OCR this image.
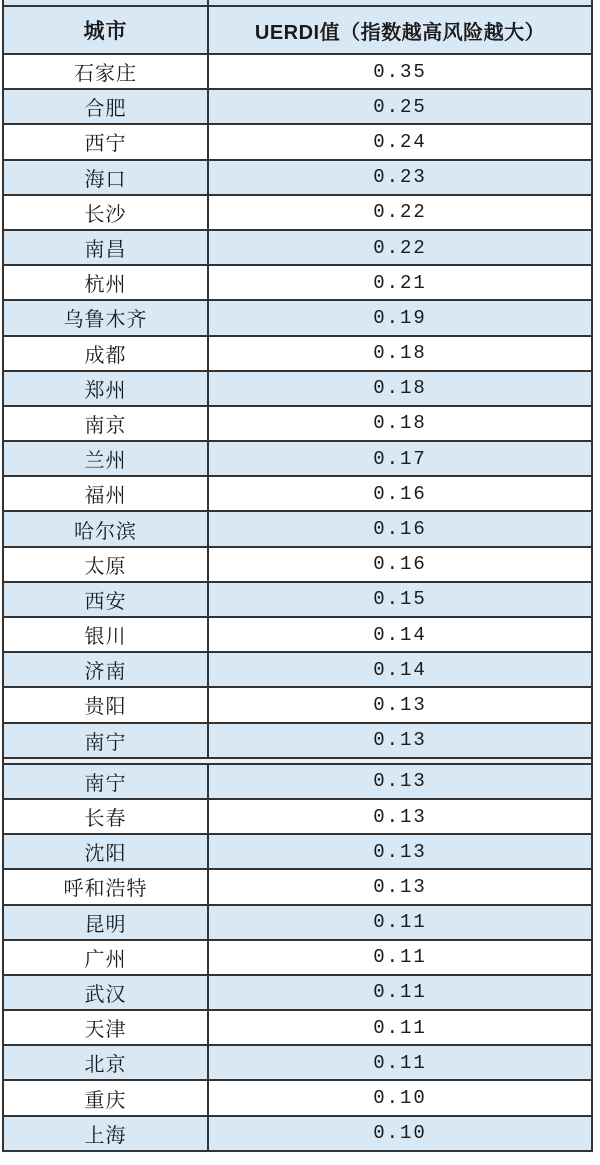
城市	UERDI值（指数越高风险越大）
石家庄	0.35
合肥	0.25
西宁	0.24
海口	0.23
长沙	0.22
南昌	0.22
杭州	0.21
乌鲁木齐	0.19
成都	0.18
郑州	0.18
南京	0.18
兰州	0.17
福州	0.16
哈尔滨	0.16
太原	0.16
西安	0.15
银川	0.14
济南	0.14
贵阳	0.13
南宁	0.13
南宁	0.13
长春	0.13
沈阳	0.13
呼和浩特	0.13
昆明	0.11
广州	0.11
武汉	0.11
天津	0.11
北京	0.11
重庆	0.10
上海	0.10
